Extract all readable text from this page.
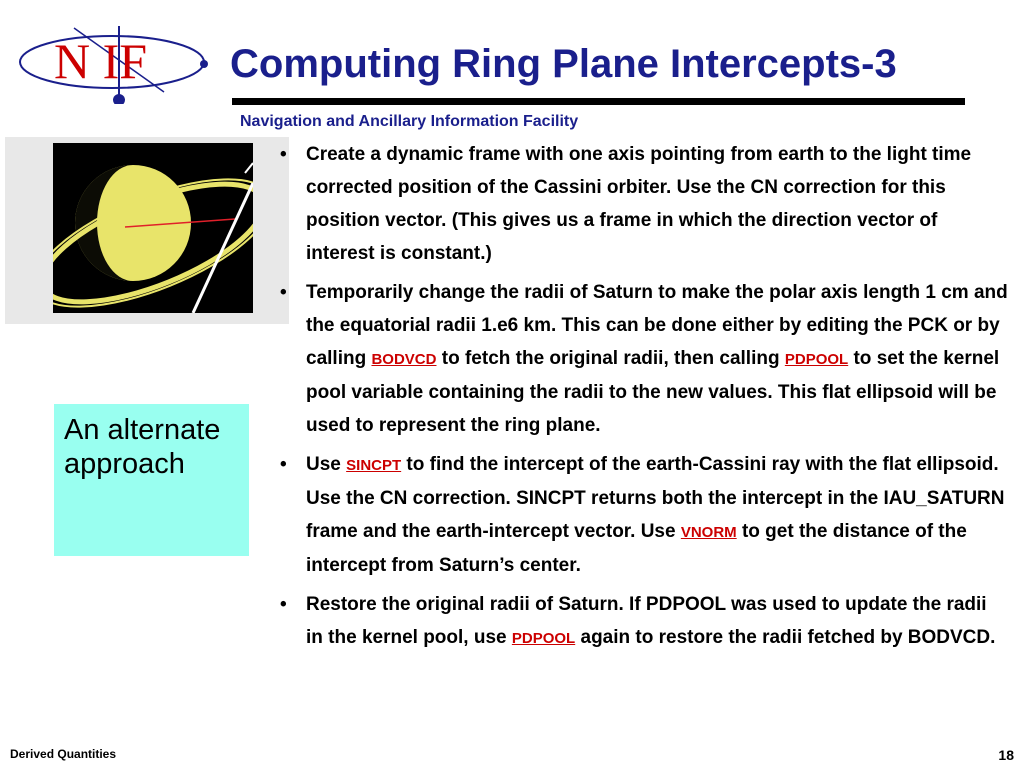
N IF Computing Ring Plane Intercepts-3
Navigation and Ancillary Information Facility
An alternate approach
• Create a dynamic frame with one axis pointing from earth to the light time corrected position of the Cassini orbiter. Use the CN correction for this position vector. (This gives us a frame in which the direction vector of interest is constant.)
• Temporarily change the radii of Saturn to make the polar axis length 1 cm and the equatorial radii 1.e6 km. This can be done either by editing the PCK or by calling BODVCD to fetch the original radii, then calling PDPOOL to set the kernel pool variable containing the radii to the new values. This flat ellipsoid will be used to represent the ring plane.
• Use SINCPT to find the intercept of the earth-Cassini ray with the flat ellipsoid. Use the CN correction. SINCPT returns both the intercept in the IAU_SATURN frame and the earth-intercept vector. Use VNORM to get the distance of the intercept from Saturn’s center.
• Restore the original radii of Saturn. If PDPOOL was used to update the radii in the kernel pool, use PDPOOL again to restore the radii fetched by BODVCD.
Derived Quantities	18
